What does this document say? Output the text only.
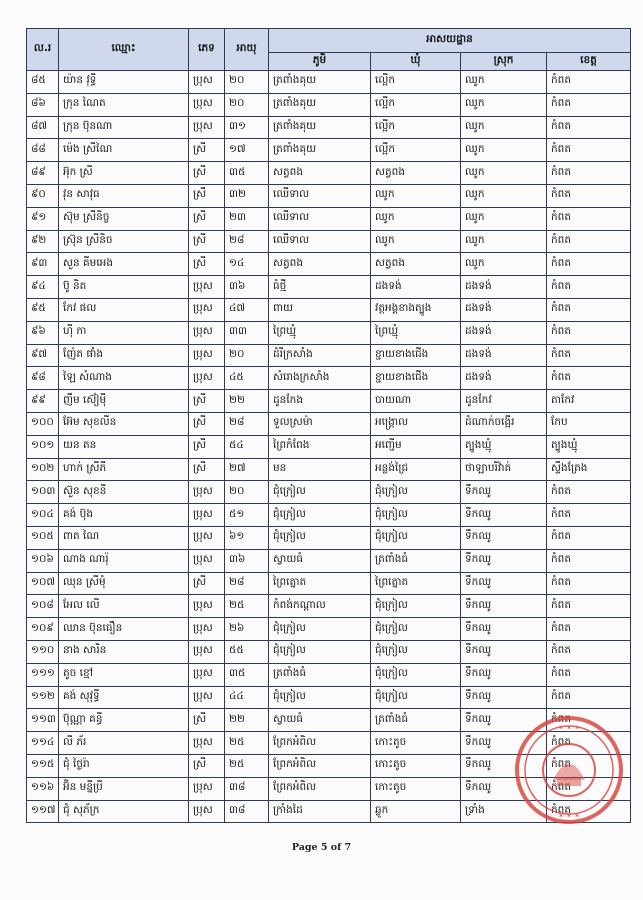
ល.រ	ឈ្មោះ	ភេទ	អាយុ	អាសយដ្ឋាន			
				ភូមិ	ឃុំ	ស្រុក	ខេត្ត
៨៥	យ៉ាន វុទ្ធី	ប្រុស	២០	ត្រពាំងគុយ	ល្អើក	ឈូក	កំពត
៨៦	ក្រុន ណៃត	ប្រុស	២០	ត្រពាំងគុយ	ល្អើក	ឈូក	កំពត
៨៧	ក្រុន ប៊ុនណា	ប្រុស	៣១	ត្រពាំងគុយ	ល្អើក	ឈូក	កំពត
៨៨	ម៉េង ស្រីណៃ	ស្រី	១៧	ត្រពាំងគុយ	ល្អើក	ឈូក	កំពត
៨៩	អ៊ុក ស្រី	ស្រី	៣៥	សត្វពង	សត្វពង	ឈូក	កំពត
៩០	វុន សាវុធ	ស្រី	៣២	ឈើទាល	ឈូក	ឈូក	កំពត
៩១	ស៊ុម ស្រីនិច្ច	ស្រី	២៣	ឈើទាល	ឈូក	ឈូក	កំពត
៩២	ស្រ៊ុន ស្រីនិច	ស្រី	២៨	ឈើទាល	ឈូក	ឈូក	កំពត
៩៣	សួន គីមអេង	ស្រី	១៤	សត្វពង	សត្វពង	ឈូក	កំពត
៩៤	ប៊ូ និត	ប្រុស	៣៦	ធំថ្មី	ដងទង់	ដងទង់	កំពត
៩៥	កែវ ផល	ប្រុស	៤៧	ពាយ	វត្តអង្គខាងត្បូង	ដងទង់	កំពត
៩៦	ហ៊ី កា	ប្រុស	៣៣	ព្រៃឃ្មុំ	ព្រៃឃ្មុំ	ដងទង់	កំពត
៩៧	ញ៉ែត ផាំង	ប្រុស	២០	ដំរីក្រសាំង	ខ្ជាយខាងជើង	ដងទង់	កំពត
៩៨	ឡៃ សំណាង	ប្រុស	៤៥	សំរោងក្រសាំង	ខ្ជាយខាងជើង	ដងទង់	កំពត
៩៩	ញឹម ស៊ៀម៉ី	ស្រី	២២	ដូនកែង	បាយណា	ដូនកែវ	តាកែវ
១០០	អ៊ែម សុខលីន	ស្រី	២៨	ទួលស្រម៉ា	អង្គ្រោល	ដំណាក់ចង្អើរ	កែប
១០១	យន តន	ស្រី	៥៤	ព្រៃកំពែង	អញ្ជើម	ត្បូងឃ្មុំ	ត្បូងឃ្មុំ
១០២	ហាក់ ស្រីភី	ស្រី	២៧	មន	អន្លង់ជ្រៃ	ថាឡាបរិវ៉ាត់	ស្ទឹងត្រែង
១០៣	ស៊ួន សុខនី	ប្រុស	២០	ជុំក្រៀល	ជុំក្រៀល	ទឹកឈូ	កំពត
១០៤	គង់ ប៊ុង	ប្រុស	៥១	ជុំក្រៀល	ជុំក្រៀល	ទឹកឈូ	កំពត
១០៥	ពាត ណៃ	ប្រុស	៦១	ជុំក្រៀល	ជុំក្រៀល	ទឹកឈូ	កំពត
១០៦	ណាង ណារ៉ុ	ប្រុស	៣៦	ស្វាយធំ	ត្រពាំងធំ	ទឹកឈូ	កំពត
១០៧	ឈុន ស្រីមុំ	ស្រី	២៨	ព្រៃត្នោត	ព្រៃត្នោត	ទឹកឈូ	កំពត
១០៨	អែល លើ	ប្រុស	២៥	កំពង់កណ្តាល	ជុំក្រៀល	ទឹកឈូ	កំពត
១០៩	ឈាន ប៊ុនធឿន	ប្រុស	២៦	ជុំក្រៀល	ជុំក្រៀល	ទឹកឈូ	កំពត
១១០	នាង សារិន	ប្រុស	៥៥	ជុំក្រៀល	ជុំក្រៀល	ទឹកឈូ	កំពត
១១១	តូច ខ្មៅ	ប្រុស	៣៥	ត្រពាំងធំ	ជុំក្រៀល	ទឹកឈូ	កំពត
១១២	គង់ សុវុទ្ធី	ប្រុស	៤៤	ជុំក្រៀល	ជុំក្រៀល	ទឹកឈូ	កំពត
១១៣	ប៊ុណ្ណា គន្ធី	ស្រី	២២	ស្វាយធំ	ត្រពាំងធំ	ទឹកឈូ	កំពត
១១៤	លី ភ័រ	ប្រុស	២៥	ព្រែកអំពិល	កោះតូច	ទឹកឈូ	កំពត
១១៥	ជុំ ថៃ្ងរ៉ា	ស្រី	២៥	ព្រែកអំពិល	កោះតូច	ទឹកឈូ	កំពត
១១៦	អ៊ិន មន្នីប្រី	ប្រុស	៣៨	ព្រែកអំពិល	កោះតូច	ទឹកឈូ	កំពត
១១៧	ជុំ សុភ័ក្រ	ប្រុស	៣៨	ក្រាំងដៃ	ឆ្លូក	ទ្រាំង	កំពត
✶ ✶ ✶
✶ ✶ ✶
Page 5 of 7
